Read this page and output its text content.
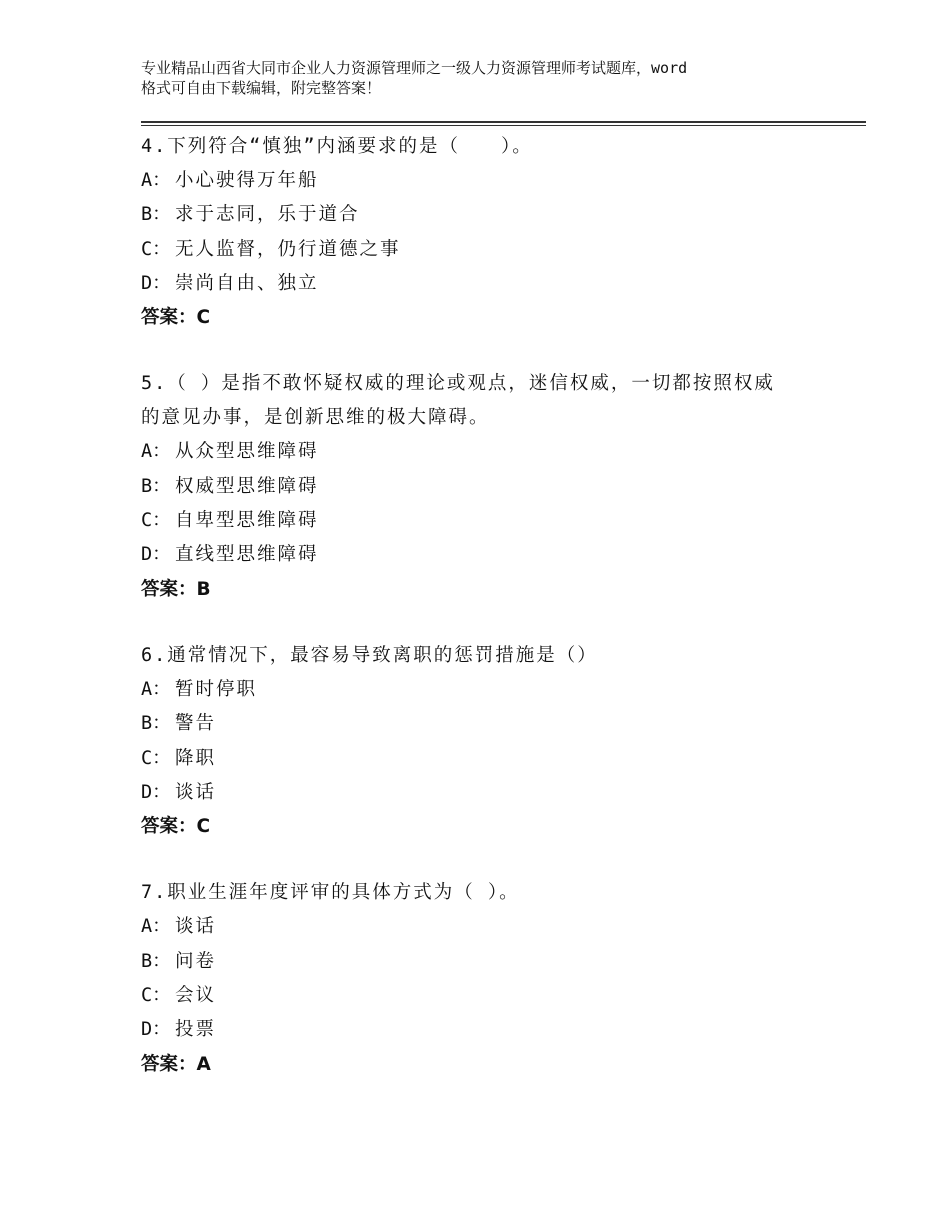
专业精品山西省大同市企业人力资源管理师之一级人力资源管理师考试题库，word
格式可自由下载编辑，附完整答案！
4.下列符合“慎独”内涵要求的是（　　）。
A： 小心驶得万年船
B： 求于志同，乐于道合
C： 无人监督，仍行道德之事
D： 崇尚自由、独立
答案：C
5.（ ）是指不敢怀疑权威的理论或观点，迷信权威，一切都按照权威
的意见办事，是创新思维的极大障碍。
A： 从众型思维障碍
B： 权威型思维障碍
C： 自卑型思维障碍
D： 直线型思维障碍
答案：B
6.通常情况下，最容易导致离职的惩罚措施是（）
A： 暂时停职
B： 警告
C： 降职
D： 谈话
答案：C
7.职业生涯年度评审的具体方式为（ ）。
A： 谈话
B： 问卷
C： 会议
D： 投票
答案：A
